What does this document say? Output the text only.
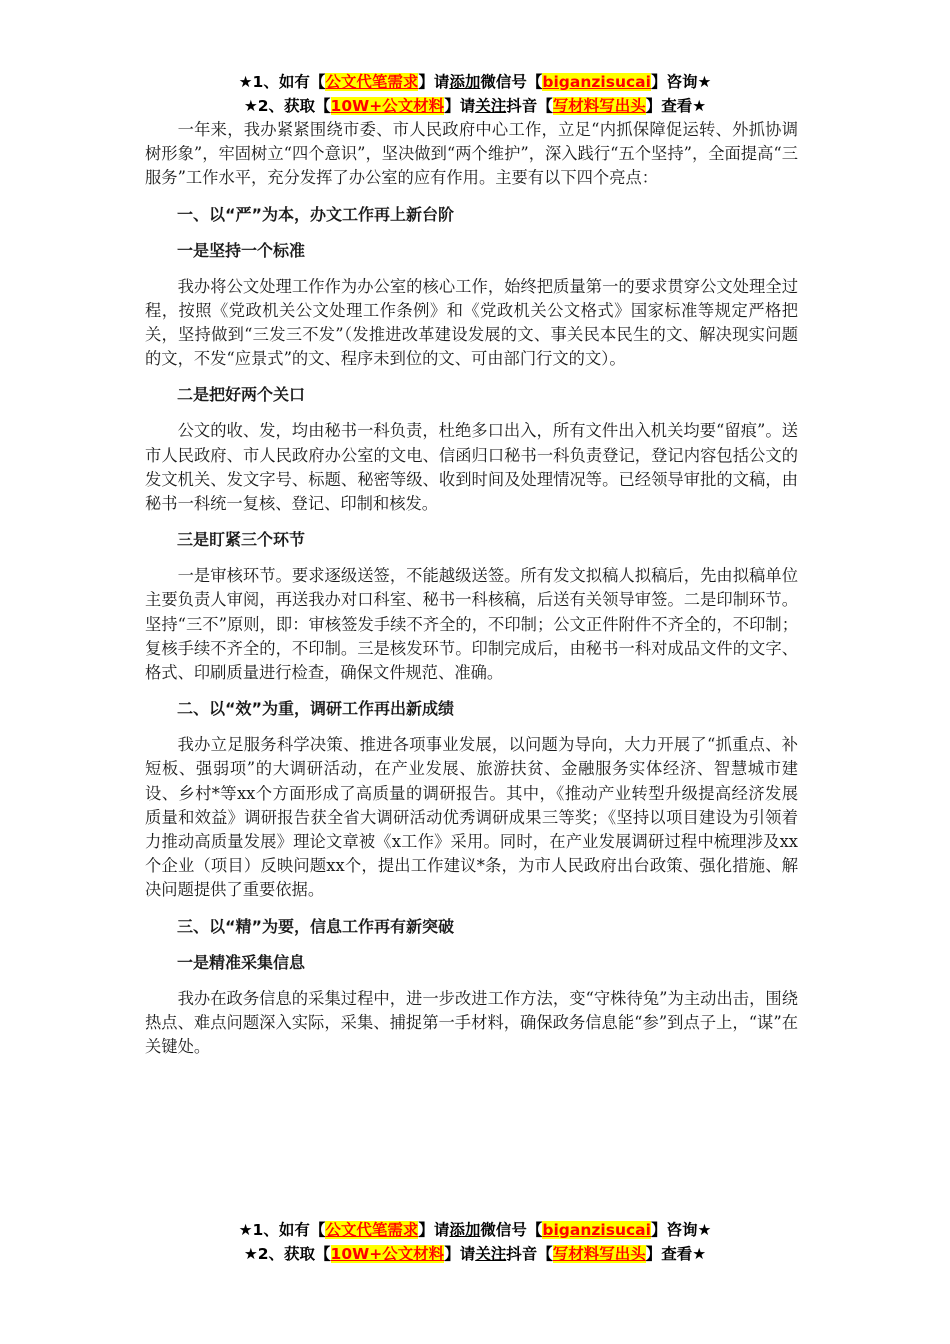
★1、如有【公文代笔需求】请添加微信号【biganzisucai】咨询★
★2、获取【10W+公文材料】请关注抖音【写材料写出头】查看★

一年来，我办紧紧围绕市委、市人民政府中心工作，立足“内抓保障促运转、外抓协调树形象”，牢固树立“四个意识”，坚决做到“两个维护”，深入践行“五个坚持”，全面提高“三服务”工作水平，充分发挥了办公室的应有作用。主要有以下四个亮点：

一、以“严”为本，办文工作再上新台阶
一是坚持一个标准

我办将公文处理工作作为办公室的核心工作，始终把质量第一的要求贯穿公文处理全过程，按照《党政机关公文处理工作条例》和《党政机关公文格式》国家标准等规定严格把关，坚持做到“三发三不发”（发推进改革建设发展的文、事关民本民生的文、解决现实问题的文，不发“应景式”的文、程序未到位的文、可由部门行文的文）。

二是把好两个关口

公文的收、发，均由秘书一科负责，杜绝多口出入，所有文件出入机关均要“留痕”。送市人民政府、市人民政府办公室的文电、信函归口秘书一科负责登记，登记内容包括公文的发文机关、发文字号、标题、秘密等级、收到时间及处理情况等。已经领导审批的文稿，由秘书一科统一复核、登记、印制和核发。

三是盯紧三个环节

一是审核环节。要求逐级送签，不能越级送签。所有发文拟稿人拟稿后，先由拟稿单位主要负责人审阅，再送我办对口科室、秘书一科核稿，后送有关领导审签。二是印制环节。坚持“三不”原则，即：审核签发手续不齐全的，不印制；公文正件附件不齐全的，不印制；复核手续不齐全的，不印制。三是核发环节。印制完成后，由秘书一科对成品文件的文字、格式、印刷质量进行检查，确保文件规范、准确。

二、以“效”为重，调研工作再出新成绩

我办立足服务科学决策、推进各项事业发展，以问题为导向，大力开展了“抓重点、补短板、强弱项”的大调研活动，在产业发展、旅游扶贫、金融服务实体经济、智慧城市建设、乡村*等xx个方面形成了高质量的调研报告。其中，《推动产业转型升级提高经济发展质量和效益》调研报告获全省大调研活动优秀调研成果三等奖；《坚持以项目建设为引领着力推动高质量发展》理论文章被《x工作》采用。同时，在产业发展调研过程中梳理涉及xx个企业（项目）反映问题xx个，提出工作建议*条，为市人民政府出台政策、强化措施、解决问题提供了重要依据。

三、以“精”为要，信息工作再有新突破
一是精准采集信息

我办在政务信息的采集过程中，进一步改进工作方法，变“守株待兔”为主动出击，围绕热点、难点问题深入实际，采集、捕捉第一手材料，确保政务信息能“参”到点子上，“谋”在关键处。

★1、如有【公文代笔需求】请添加微信号【biganzisucai】咨询★
★2、获取【10W+公文材料】请关注抖音【写材料写出头】查看★
